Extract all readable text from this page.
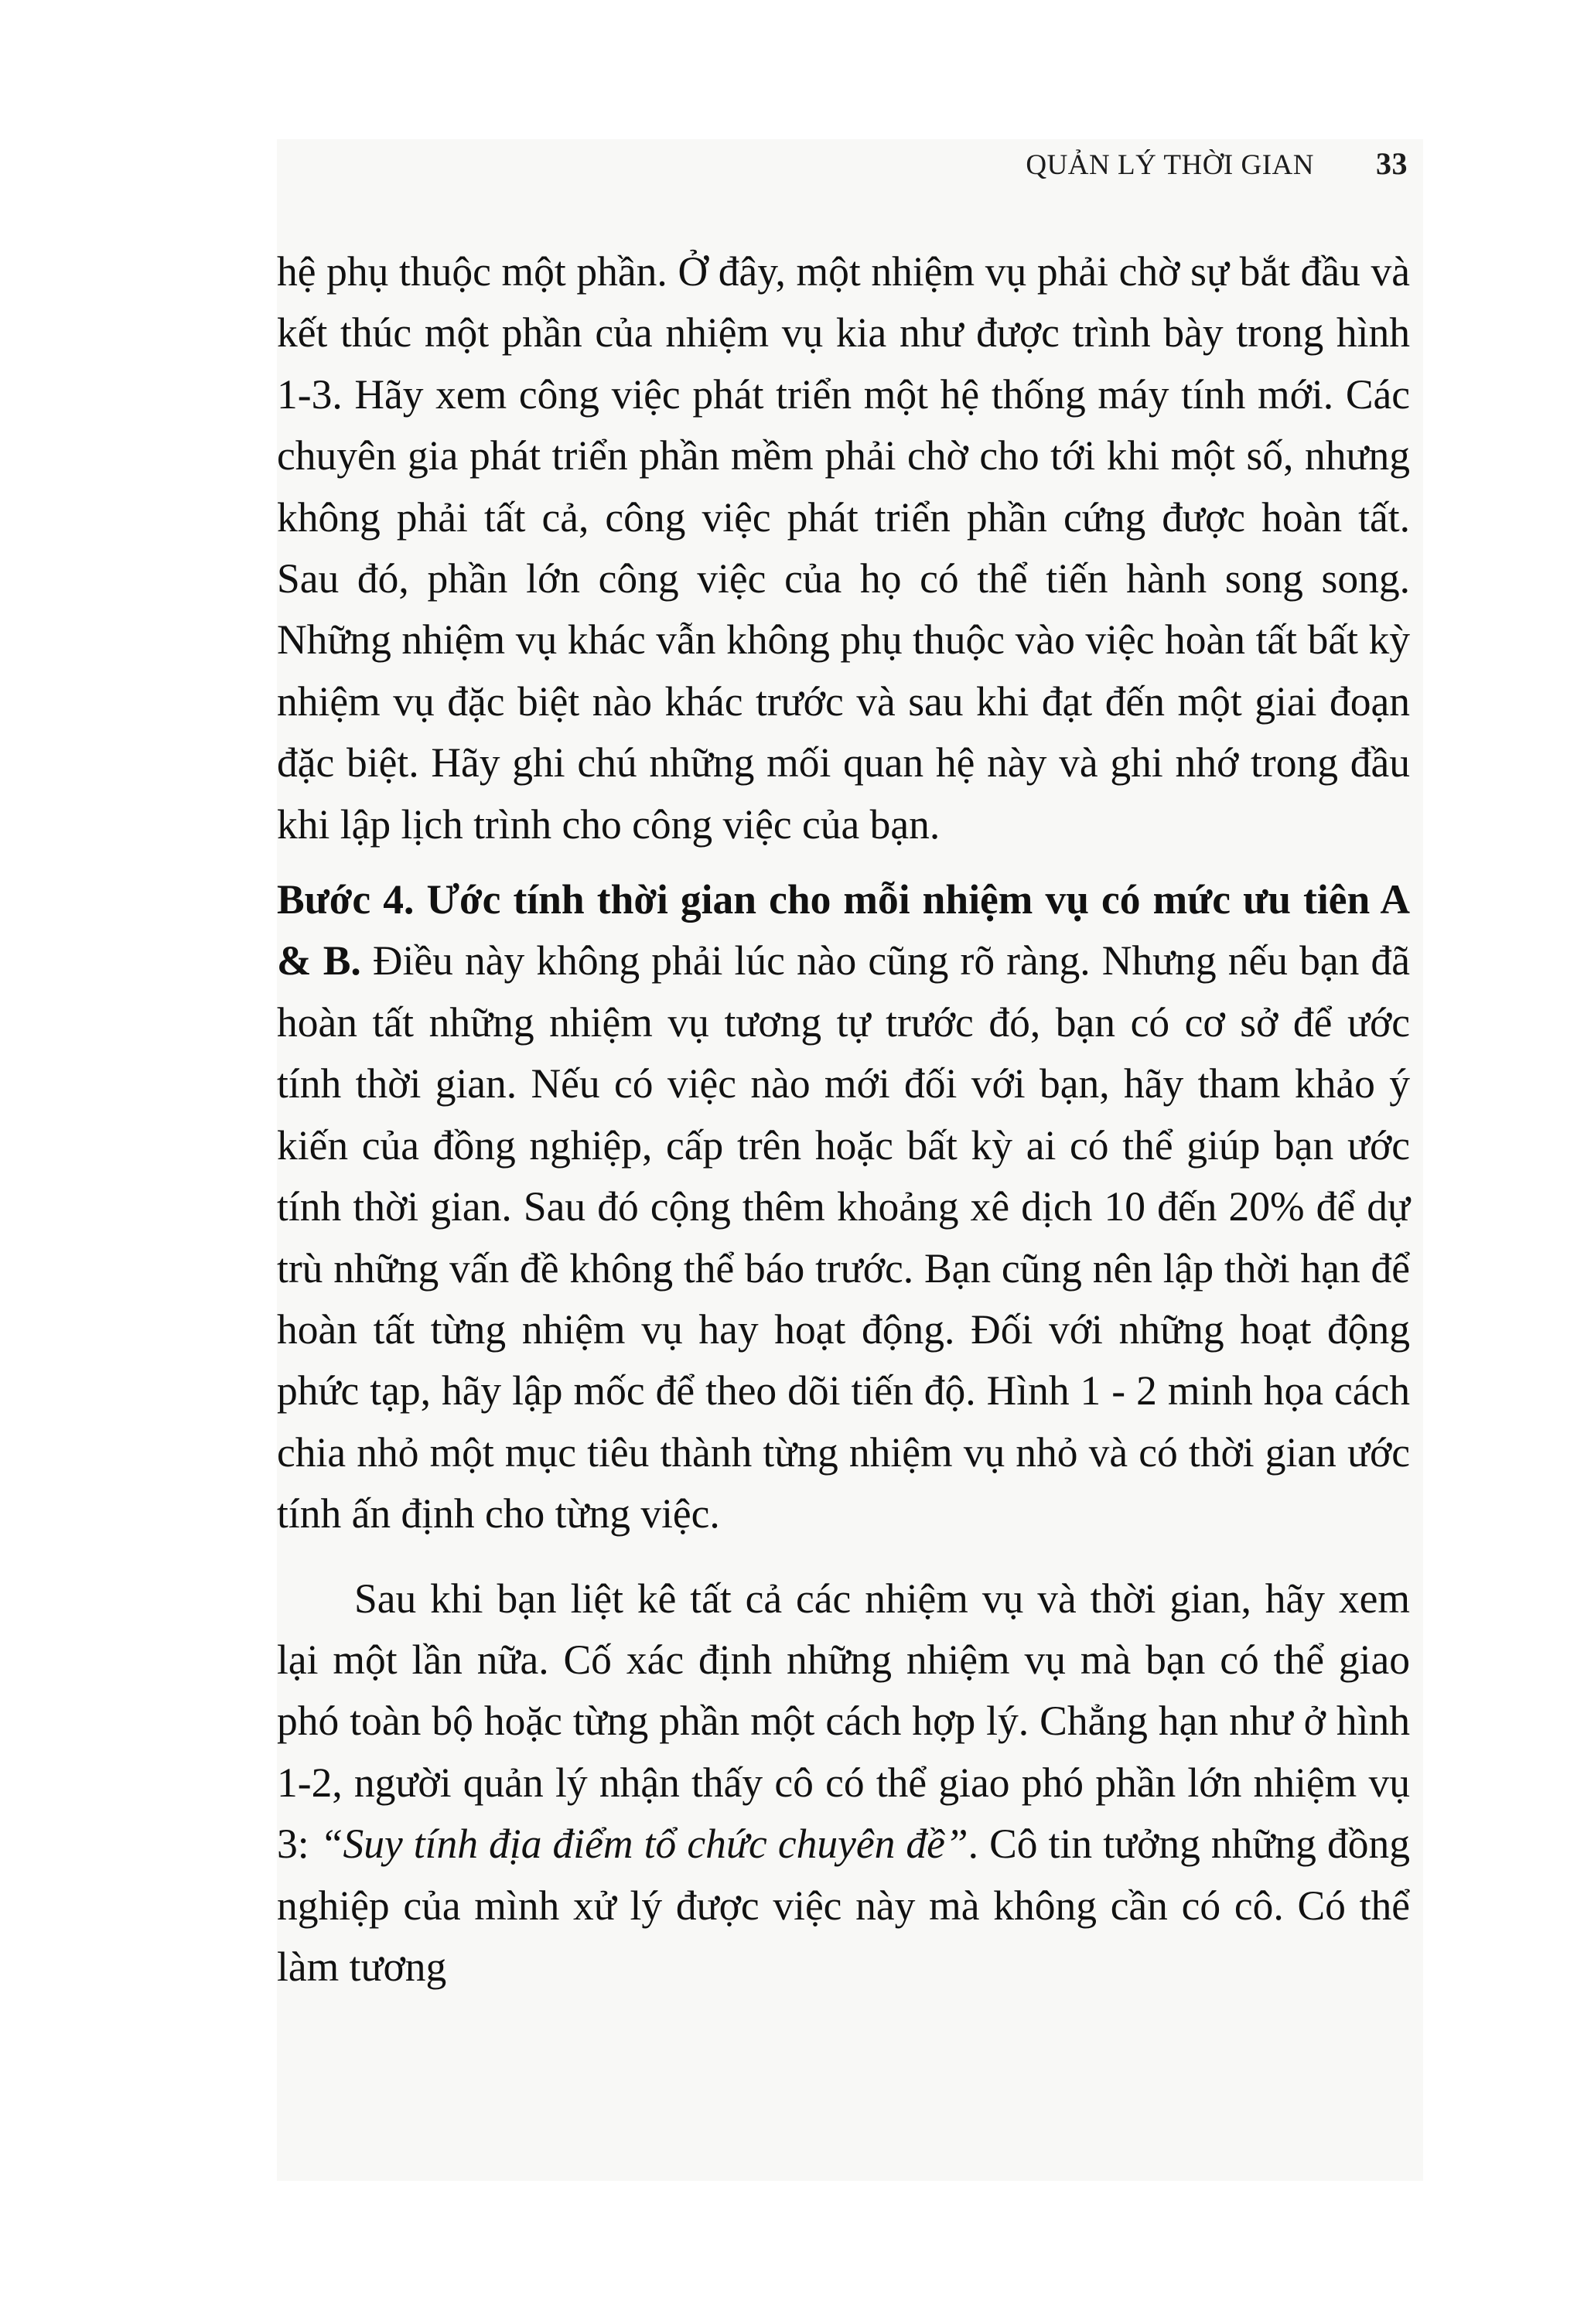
QUẢN LÝ THỜI GIAN 33

hệ phụ thuộc một phần. Ở đây, một nhiệm vụ phải chờ sự bắt đầu và kết thúc một phần của nhiệm vụ kia như được trình bày trong hình 1-3. Hãy xem công việc phát triển một hệ thống máy tính mới. Các chuyên gia phát triển phần mềm phải chờ cho tới khi một số, nhưng không phải tất cả, công việc phát triển phần cứng được hoàn tất. Sau đó, phần lớn công việc của họ có thể tiến hành song song. Những nhiệm vụ khác vẫn không phụ thuộc vào việc hoàn tất bất kỳ nhiệm vụ đặc biệt nào khác trước và sau khi đạt đến một giai đoạn đặc biệt. Hãy ghi chú những mối quan hệ này và ghi nhớ trong đầu khi lập lịch trình cho công việc của bạn.

Bước 4. Ước tính thời gian cho mỗi nhiệm vụ có mức ưu tiên A & B. Điều này không phải lúc nào cũng rõ ràng. Nhưng nếu bạn đã hoàn tất những nhiệm vụ tương tự trước đó, bạn có cơ sở để ước tính thời gian. Nếu có việc nào mới đối với bạn, hãy tham khảo ý kiến của đồng nghiệp, cấp trên hoặc bất kỳ ai có thể giúp bạn ước tính thời gian. Sau đó cộng thêm khoảng xê dịch 10 đến 20% để dự trù những vấn đề không thể báo trước. Bạn cũng nên lập thời hạn để hoàn tất từng nhiệm vụ hay hoạt động. Đối với những hoạt động phức tạp, hãy lập mốc để theo dõi tiến độ. Hình 1 - 2 minh họa cách chia nhỏ một mục tiêu thành từng nhiệm vụ nhỏ và có thời gian ước tính ấn định cho từng việc.

Sau khi bạn liệt kê tất cả các nhiệm vụ và thời gian, hãy xem lại một lần nữa. Cố xác định những nhiệm vụ mà bạn có thể giao phó toàn bộ hoặc từng phần một cách hợp lý. Chẳng hạn như ở hình 1-2, người quản lý nhận thấy cô có thể giao phó phần lớn nhiệm vụ 3: “Suy tính địa điểm tổ chức chuyên đề”. Cô tin tưởng những đồng nghiệp của mình xử lý được việc này mà không cần có cô. Có thể làm tương
